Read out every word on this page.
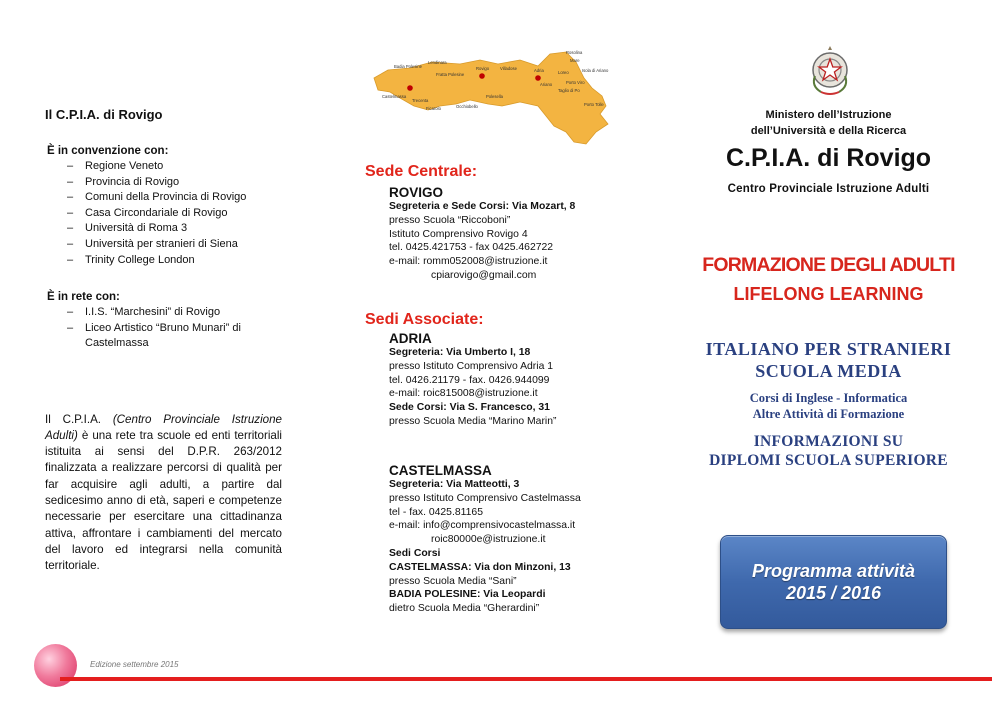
Il C.P.I.A. di Rovigo

È in convenzione con:

– Regione Veneto
– Provincia di Rovigo
– Comuni della Provincia di Rovigo
– Casa Circondariale di Rovigo
– Università di Roma 3
– Università per stranieri di Siena
– Trinity College London

È in rete con:

– I.I.S. “Marchesini” di Rovigo
– Liceo Artistico “Bruno Munari” di Castelmassa

Il C.P.I.A. (Centro Provinciale Istruzione Adulti) è una rete tra scuole ed enti territoriali istituita ai sensi del D.P.R. 263/2012 finalizzata a realizzare percorsi di qualità per far acquisire agli adulti, a partire dal sedicesimo anno di età, saperi e competenze necessarie per esercitare una cittadinanza attiva, affrontare i cambiamenti del mercato del lavoro ed integrarsi nella comunità territoriale.

Edizione settembre 2015
Badia Polesine
Lendinara
Rovigo	Villadose	Adria
Fratta Polesine
Castelmassa
Trecenta
Ficarolo	Occhiobello
Polesella
Rosolina
Mare
Loreo	Isola di Ariano
Porto Viro
Taglio di Po
Ariano
Porto Tolle
Sede Centrale:

ROVIGO

Segreteria e Sede Corsi: Via Mozart, 8

presso Scuola “Riccoboni”

Istituto Comprensivo Rovigo 4

tel. 0425.421753 - fax 0425.462722

e-mail: romm052008@istruzione.it

cpiarovigo@gmail.com

Sedi Associate:

ADRIA

Segreteria: Via Umberto I, 18

presso Istituto Comprensivo Adria 1

tel. 0426.21179 - fax. 0426.944099

e-mail: roic815008@istruzione.it

Sede Corsi: Via S. Francesco, 31

presso Scuola Media “Marino Marin”

CASTELMASSA

Segreteria: Via Matteotti, 3

presso Istituto Comprensivo Castelmassa

tel - fax. 0425.81165

e-mail: info@comprensivocastelmassa.it

roic80000e@istruzione.it

Sedi Corsi

CASTELMASSA: Via don Minzoni, 13

presso Scuola Media “Sani”

BADIA POLESINE: Via Leopardi

dietro Scuola Media “Gherardini”

Ministero dell’Istruzione
dell’Università e della Ricerca
C.P.I.A. di Rovigo
Centro Provinciale Istruzione Adulti
FORMAZIONE DEGLI ADULTI
LIFELONG LEARNING
ITALIANO PER STRANIERI
SCUOLA MEDIA
Corsi di Inglese - Informatica
Altre Attività di Formazione
INFORMAZIONI SU
DIPLOMI SCUOLA SUPERIORE
Programma attività
2015 / 2016
